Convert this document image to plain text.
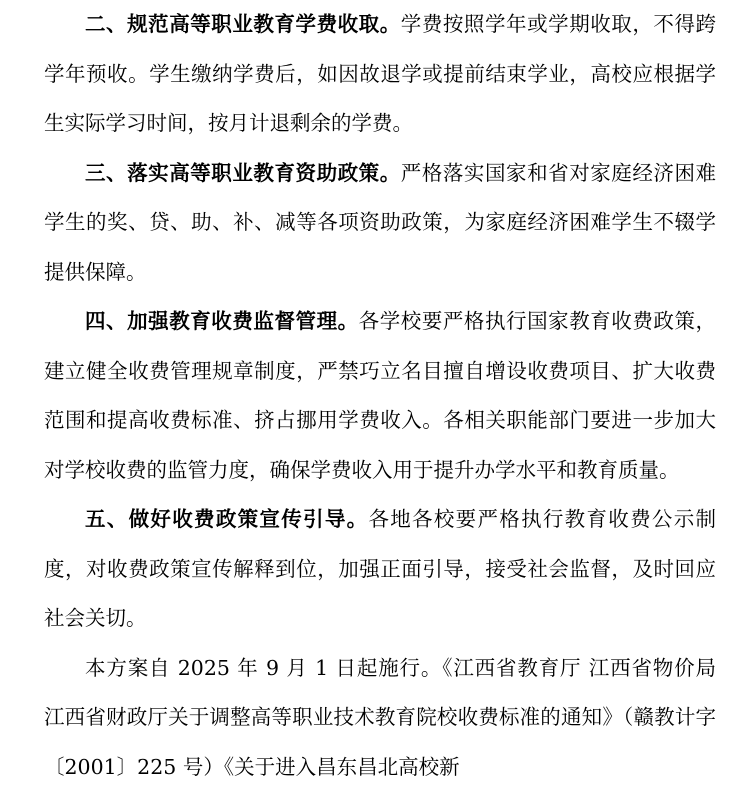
二、规范高等职业教育学费收取。学费按照学年或学期收取，不得跨学年预收。学生缴纳学费后，如因故退学或提前结束学业，高校应根据学生实际学习时间，按月计退剩余的学费。

三、落实高等职业教育资助政策。严格落实国家和省对家庭经济困难学生的奖、贷、助、补、减等各项资助政策，为家庭经济困难学生不辍学提供保障。

四、加强教育收费监督管理。各学校要严格执行国家教育收费政策，建立健全收费管理规章制度，严禁巧立名目擅自增设收费项目、扩大收费范围和提高收费标准、挤占挪用学费收入。各相关职能部门要进一步加大对学校收费的监管力度，确保学费收入用于提升办学水平和教育质量。

五、做好收费政策宣传引导。各地各校要严格执行教育收费公示制度，对收费政策宣传解释到位，加强正面引导，接受社会监督，及时回应社会关切。

本方案自 2025 年 9 月 1 日起施行。《江西省教育厅 江西省物价局 江西省财政厅关于调整高等职业技术教育院校收费标准的通知》（赣教计字〔2001〕225 号）《关于进入昌东昌北高校新
